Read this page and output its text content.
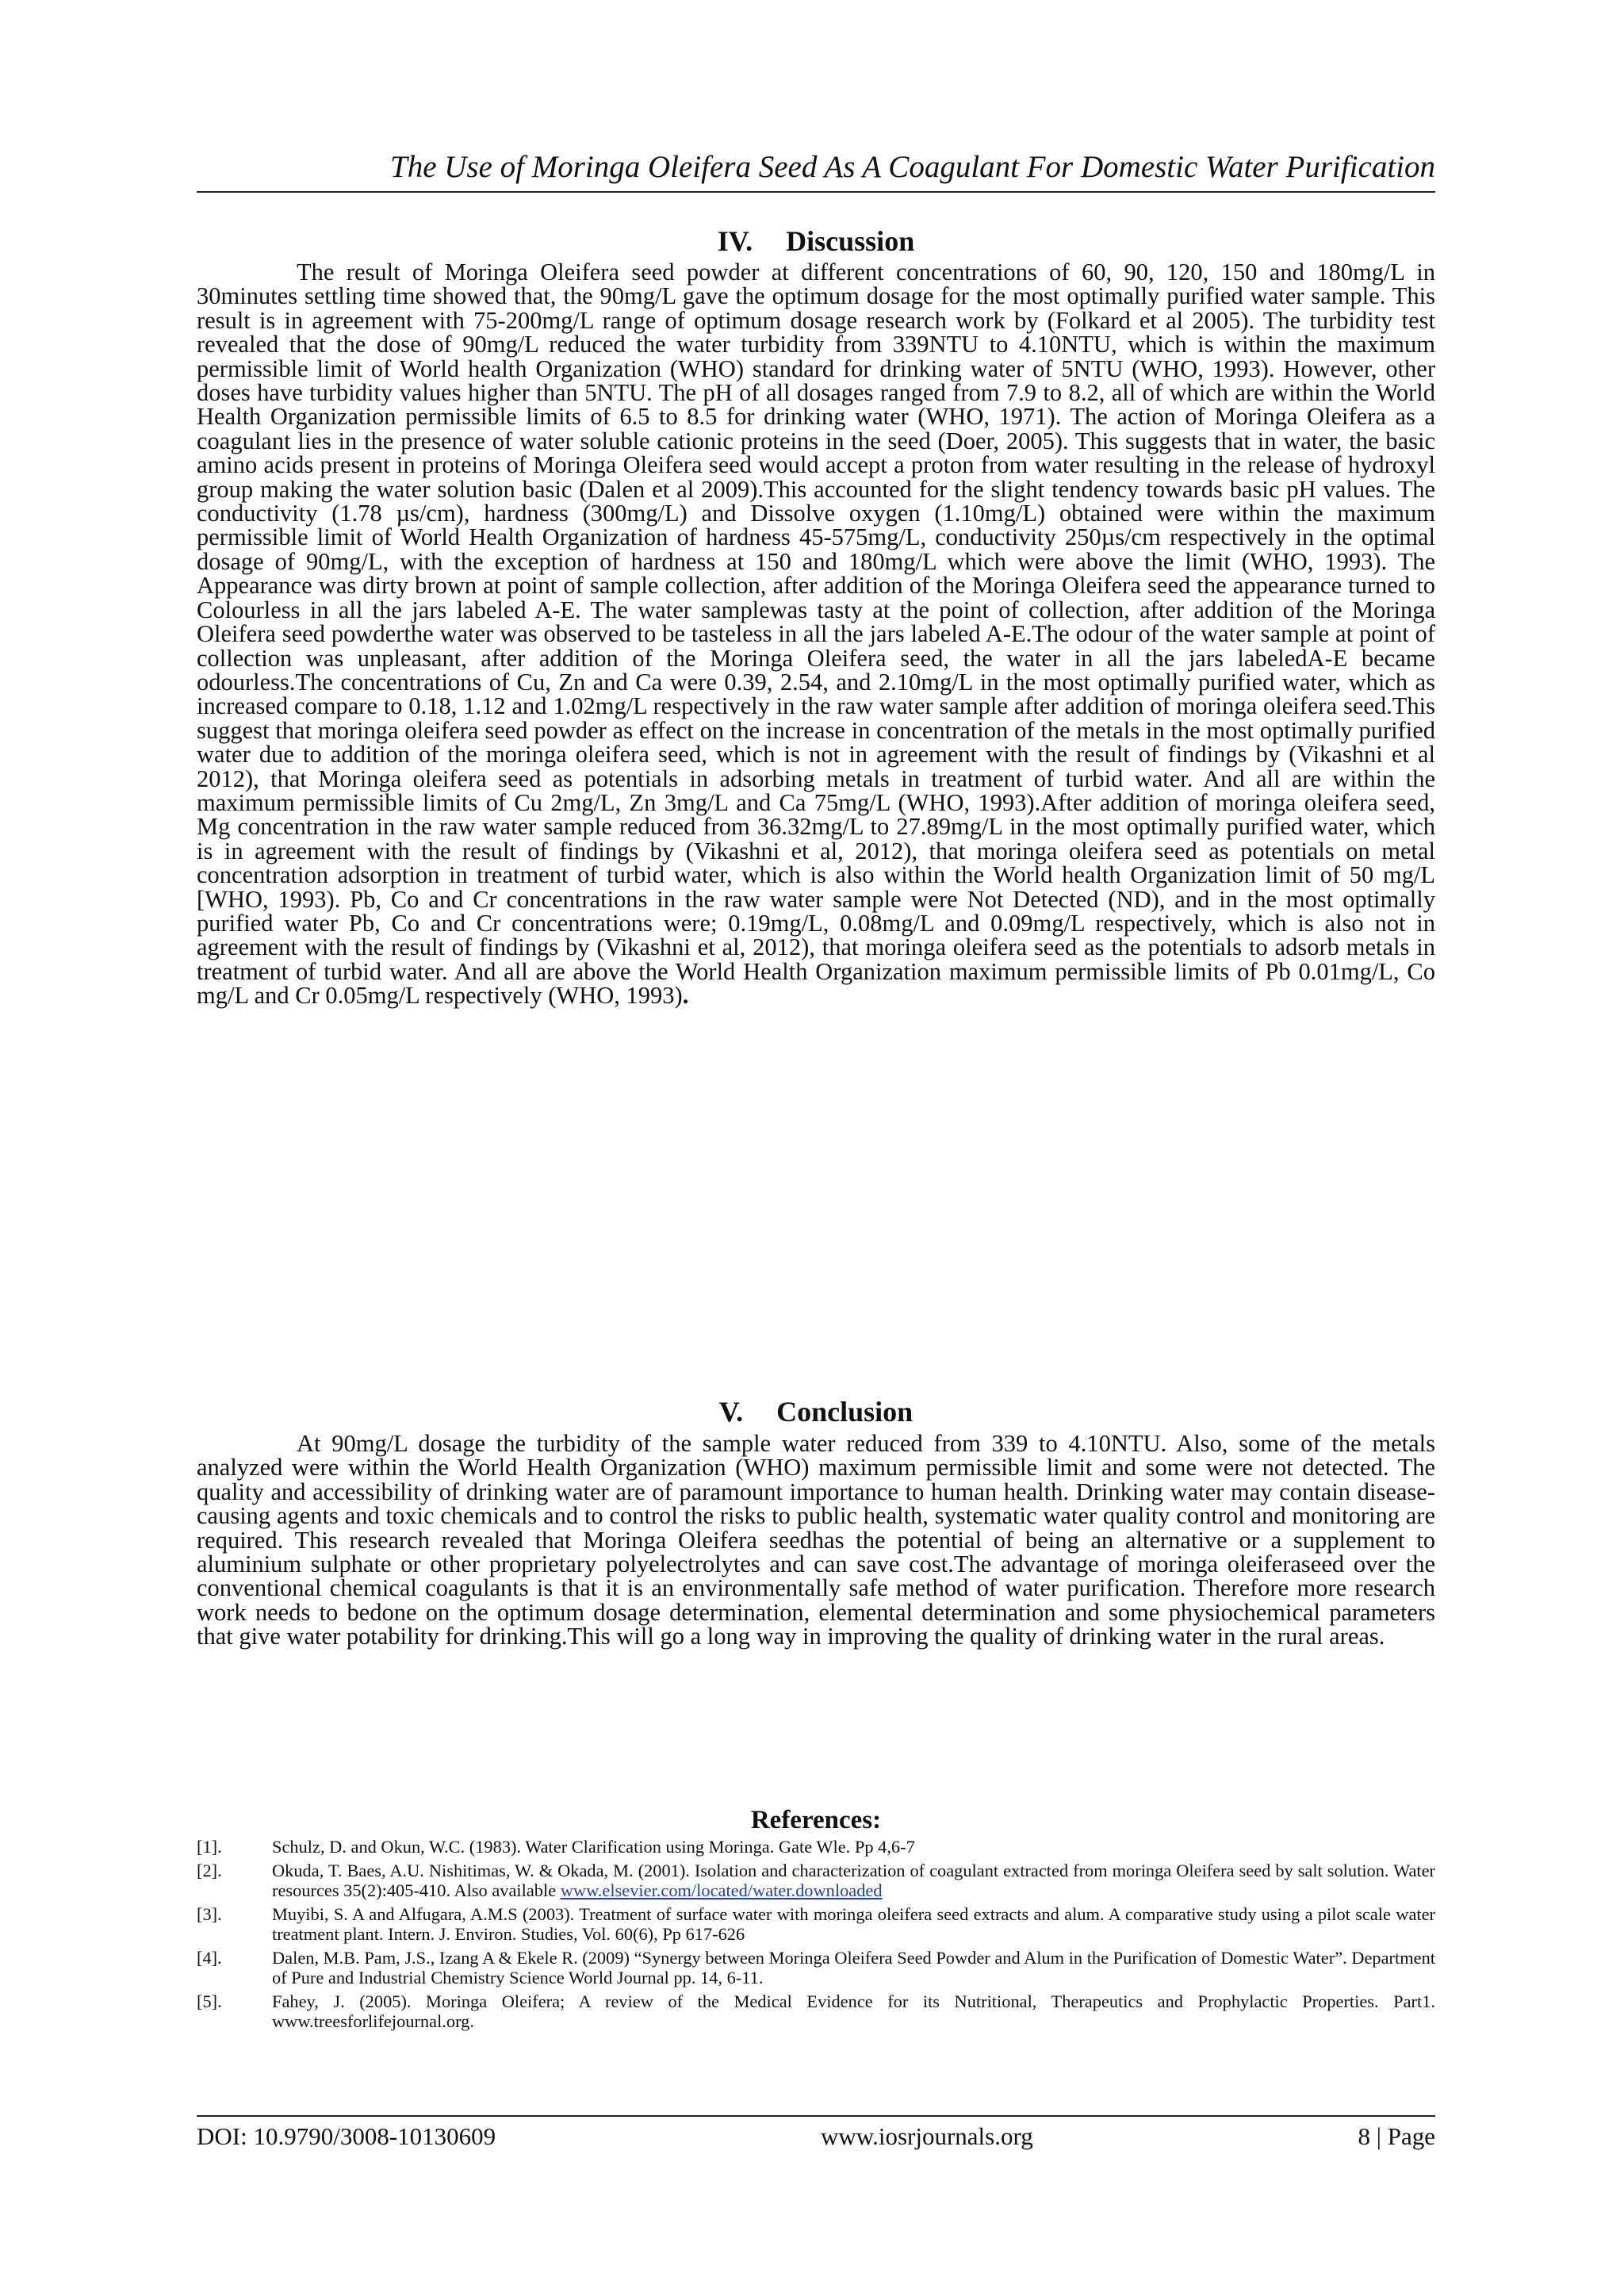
The Use of Moringa Oleifera Seed As A Coagulant For Domestic Water Purification
IV. Discussion

The result of Moringa Oleifera seed powder at different concentrations of 60, 90, 120, 150 and 180mg/L in 30minutes settling time showed that, the 90mg/L gave the optimum dosage for the most optimally purified water sample. This result is in agreement with 75-200mg/L range of optimum dosage research work by (Folkard et al 2005). The turbidity test revealed that the dose of 90mg/L reduced the water turbidity from 339NTU to 4.10NTU, which is within the maximum permissible limit of World health Organization (WHO) standard for drinking water of 5NTU (WHO, 1993). However, other doses have turbidity values higher than 5NTU. The pH of all dosages ranged from 7.9 to 8.2, all of which are within the World Health Organization permissible limits of 6.5 to 8.5 for drinking water (WHO, 1971). The action of Moringa Oleifera as a coagulant lies in the presence of water soluble cationic proteins in the seed (Doer, 2005). This suggests that in water, the basic amino acids present in proteins of Moringa Oleifera seed would accept a proton from water resulting in the release of hydroxyl group making the water solution basic (Dalen et al 2009).This accounted for the slight tendency towards basic pH values. The conductivity (1.78 µs/cm), hardness (300mg/L) and Dissolve oxygen (1.10mg/L) obtained were within the maximum permissible limit of World Health Organization of hardness 45-575mg/L, conductivity 250µs/cm respectively in the optimal dosage of 90mg/L, with the exception of hardness at 150 and 180mg/L which were above the limit (WHO, 1993). The Appearance was dirty brown at point of sample collection, after addition of the Moringa Oleifera seed the appearance turned to Colourless in all the jars labeled A-E. The water samplewas tasty at the point of collection, after addition of the Moringa Oleifera seed powderthe water was observed to be tasteless in all the jars labeled A-E.The odour of the water sample at point of collection was unpleasant, after addition of the Moringa Oleifera seed, the water in all the jars labeledA-E became odourless.The concentrations of Cu, Zn and Ca were 0.39, 2.54, and 2.10mg/L in the most optimally purified water, which as increased compare to 0.18, 1.12 and 1.02mg/L respectively in the raw water sample after addition of moringa oleifera seed.This suggest that moringa oleifera seed powder as effect on the increase in concentration of the metals in the most optimally purified water due to addition of the moringa oleifera seed, which is not in agreement with the result of findings by (Vikashni et al 2012), that Moringa oleifera seed as potentials in adsorbing metals in treatment of turbid water. And all are within the maximum permissible limits of Cu 2mg/L, Zn 3mg/L and Ca 75mg/L (WHO, 1993).After addition of moringa oleifera seed, Mg concentration in the raw water sample reduced from 36.32mg/L to 27.89mg/L in the most optimally purified water, which is in agreement with the result of findings by (Vikashni et al, 2012), that moringa oleifera seed as potentials on metal concentration adsorption in treatment of turbid water, which is also within the World health Organization limit of 50 mg/L [WHO, 1993). Pb, Co and Cr concentrations in the raw water sample were Not Detected (ND), and in the most optimally purified water Pb, Co and Cr concentrations were; 0.19mg/L, 0.08mg/L and 0.09mg/L respectively, which is also not in agreement with the result of findings by (Vikashni et al, 2012), that moringa oleifera seed as the potentials to adsorb metals in treatment of turbid water. And all are above the World Health Organization maximum permissible limits of Pb 0.01mg/L, Co mg/L and Cr 0.05mg/L respectively (WHO, 1993).

V. Conclusion

At 90mg/L dosage the turbidity of the sample water reduced from 339 to 4.10NTU. Also, some of the metals analyzed were within the World Health Organization (WHO) maximum permissible limit and some were not detected. The quality and accessibility of drinking water are of paramount importance to human health. Drinking water may contain disease-causing agents and toxic chemicals and to control the risks to public health, systematic water quality control and monitoring are required. This research revealed that Moringa Oleifera seedhas the potential of being an alternative or a supplement to aluminium sulphate or other proprietary polyelectrolytes and can save cost.The advantage of moringa oleiferaseed over the conventional chemical coagulants is that it is an environmentally safe method of water purification. Therefore more research work needs to bedone on the optimum dosage determination, elemental determination and some physiochemical parameters that give water potability for drinking.This will go a long way in improving the quality of drinking water in the rural areas.

References:
[1].	Schulz, D. and Okun, W.C. (1983). Water Clarification using Moringa. Gate Wle. Pp 4,6-7
[2].	Okuda, T. Baes, A.U. Nishitimas, W. & Okada, M. (2001). Isolation and characterization of coagulant extracted from moringa Oleifera seed by salt solution. Water resources 35(2):405-410. Also available www.elsevier.com/located/water.downloaded
[3].	Muyibi, S. A and Alfugara, A.M.S (2003). Treatment of surface water with moringa oleifera seed extracts and alum. A comparative study using a pilot scale water treatment plant. Intern. J. Environ. Studies, Vol. 60(6), Pp 617-626
[4].	Dalen, M.B. Pam, J.S., Izang A & Ekele R. (2009) “Synergy between Moringa Oleifera Seed Powder and Alum in the Purification of Domestic Water”. Department of Pure and Industrial Chemistry Science World Journal pp. 14, 6-11.
[5].	Fahey, J. (2005). Moringa Oleifera; A review of the Medical Evidence for its Nutritional, Therapeutics and Prophylactic Properties. Part1. www.treesforlifejournal.org.
DOI: 10.9790/3008-10130609	www.iosrjournals.org	8 | Page
